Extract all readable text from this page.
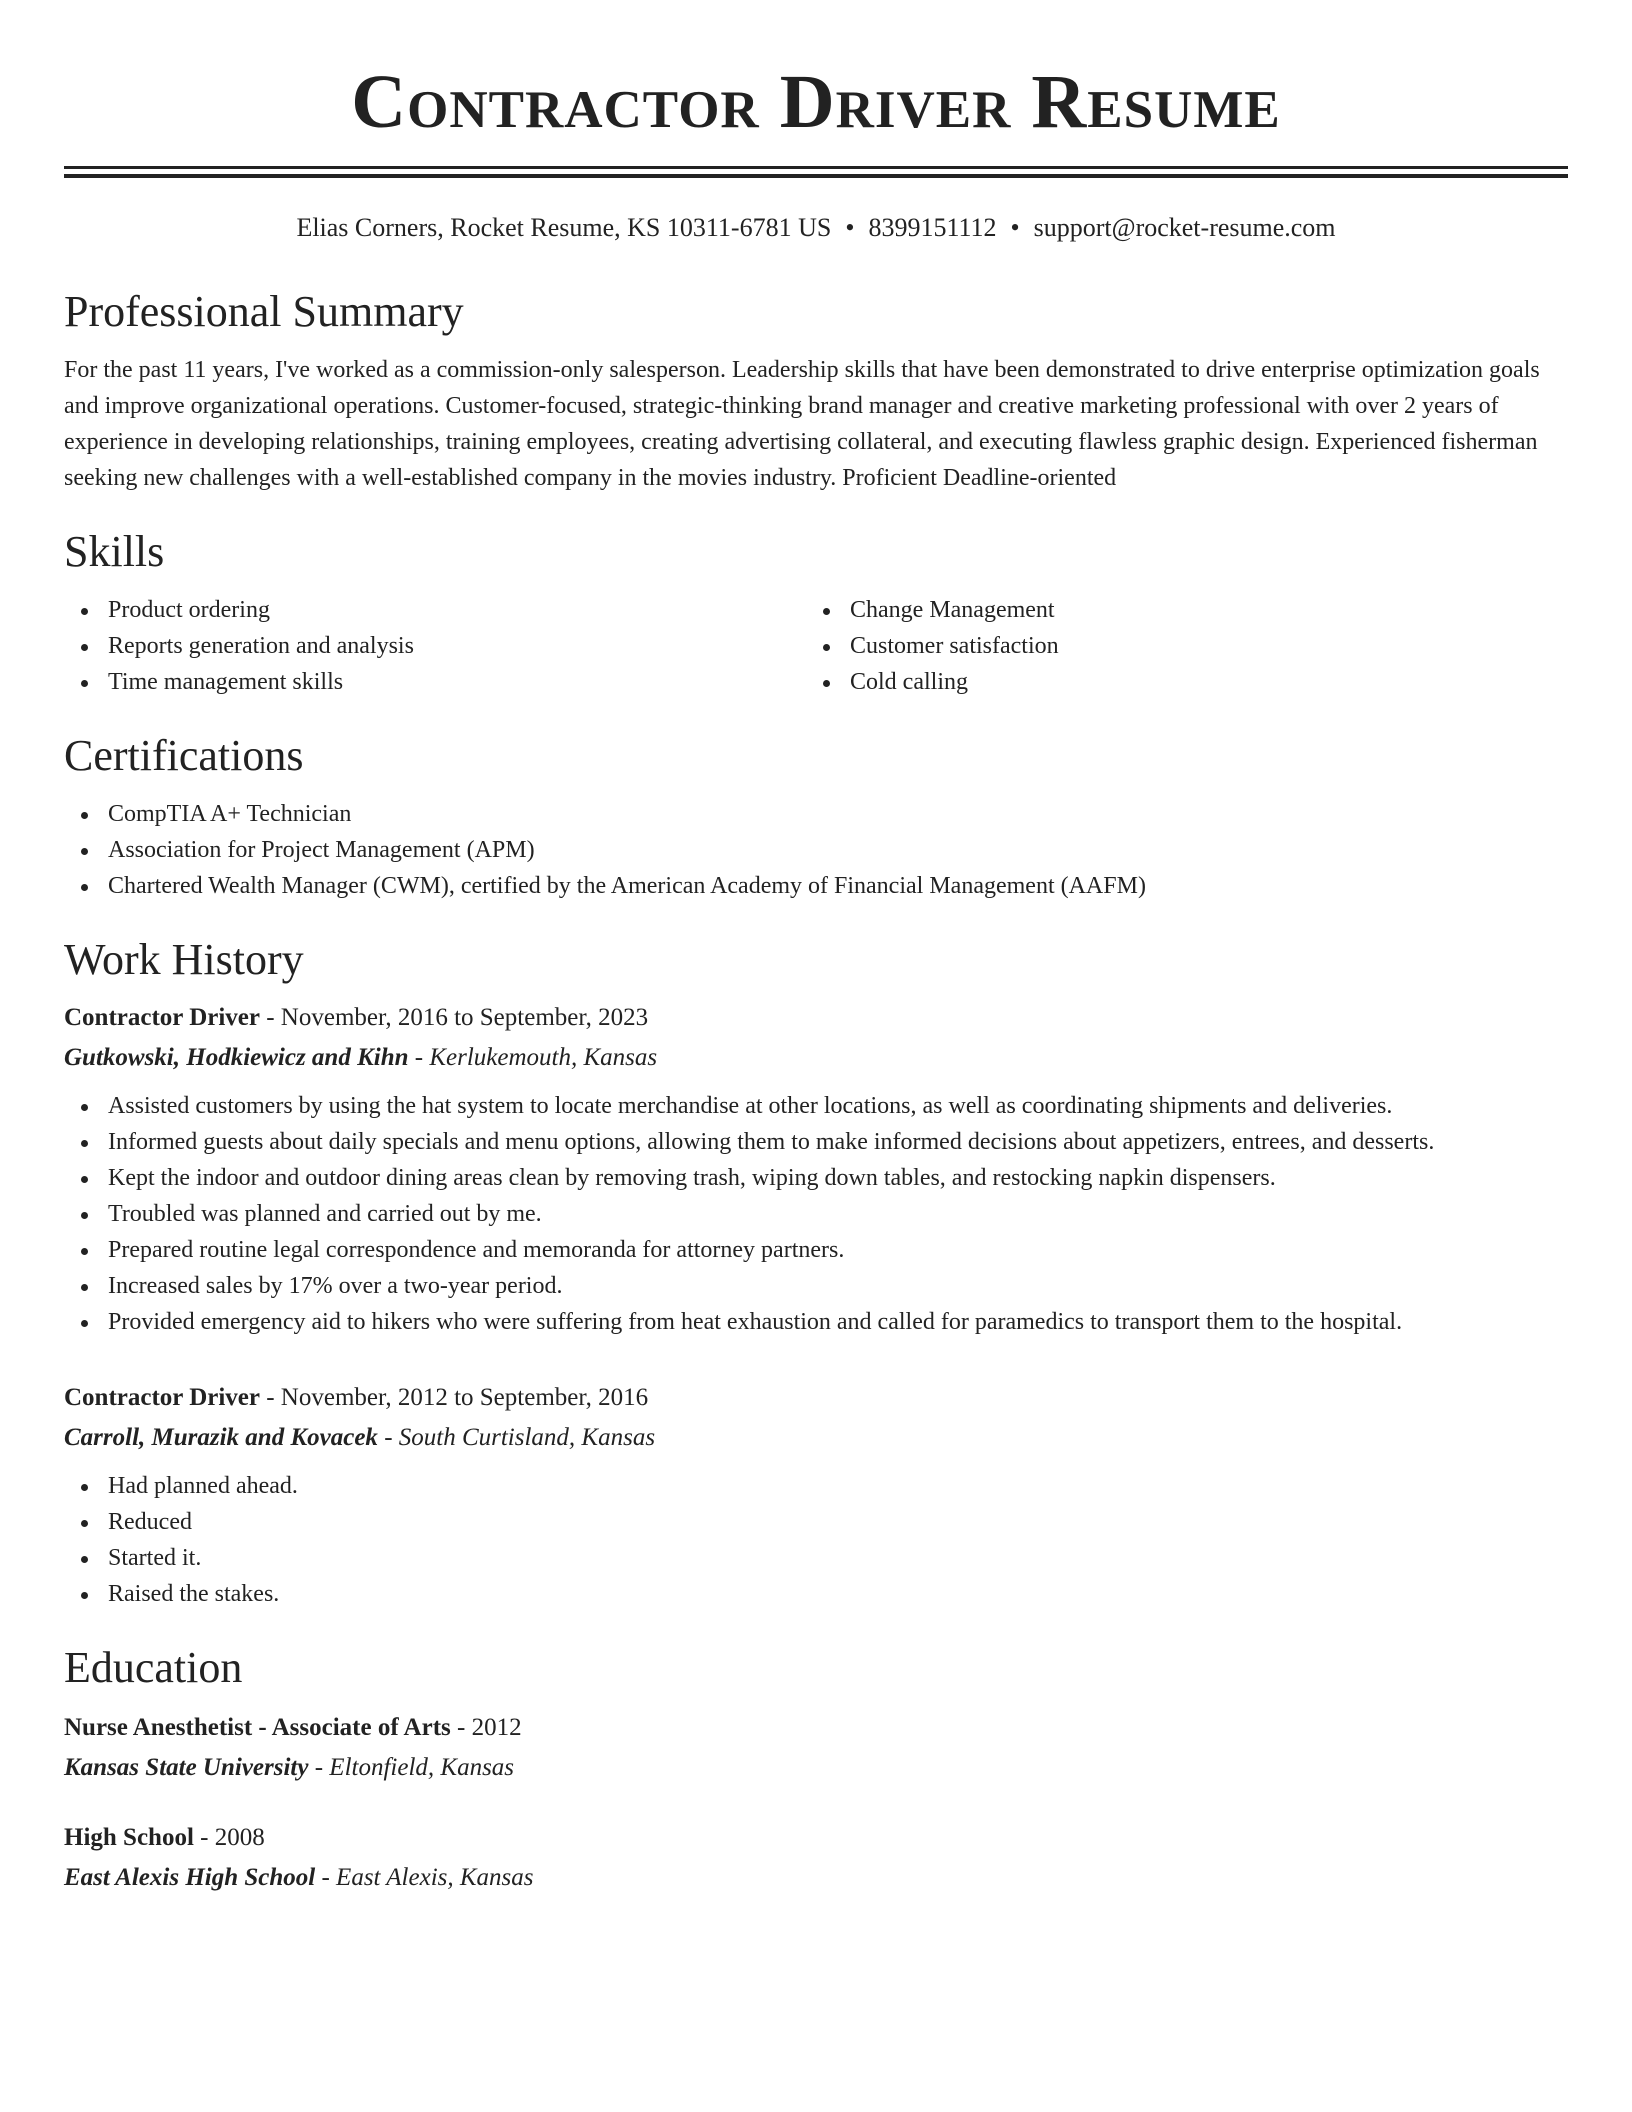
Contractor Driver Resume
Elias Corners, Rocket Resume, KS 10311-6781 US • 8399151112 • support@rocket-resume.com
Professional Summary

For the past 11 years, I've worked as a commission-only salesperson. Leadership skills that have been demonstrated to drive enterprise optimization goals and improve organizational operations. Customer-focused, strategic-thinking brand manager and creative marketing professional with over 2 years of experience in developing relationships, training employees, creating advertising collateral, and executing flawless graphic design. Experienced fisherman seeking new challenges with a well-established company in the movies industry. Proficient Deadline-oriented

Skills
Product ordering
Reports generation and analysis
Time management skills
Change Management
Customer satisfaction
Cold calling
Certifications
CompTIA A+ Technician
Association for Project Management (APM)
Chartered Wealth Manager (CWM), certified by the American Academy of Financial Management (AAFM)
Work History
Contractor Driver - November, 2016 to September, 2023
Gutkowski, Hodkiewicz and Kihn - Kerlukemouth, Kansas
Assisted customers by using the hat system to locate merchandise at other locations, as well as coordinating shipments and deliveries.
Informed guests about daily specials and menu options, allowing them to make informed decisions about appetizers, entrees, and desserts.
Kept the indoor and outdoor dining areas clean by removing trash, wiping down tables, and restocking napkin dispensers.
Troubled was planned and carried out by me.
Prepared routine legal correspondence and memoranda for attorney partners.
Increased sales by 17% over a two-year period.
Provided emergency aid to hikers who were suffering from heat exhaustion and called for paramedics to transport them to the hospital.
Contractor Driver - November, 2012 to September, 2016
Carroll, Murazik and Kovacek - South Curtisland, Kansas
Had planned ahead.
Reduced
Started it.
Raised the stakes.
Education
Nurse Anesthetist - Associate of Arts - 2012
Kansas State University - Eltonfield, Kansas
High School - 2008
East Alexis High School - East Alexis, Kansas
